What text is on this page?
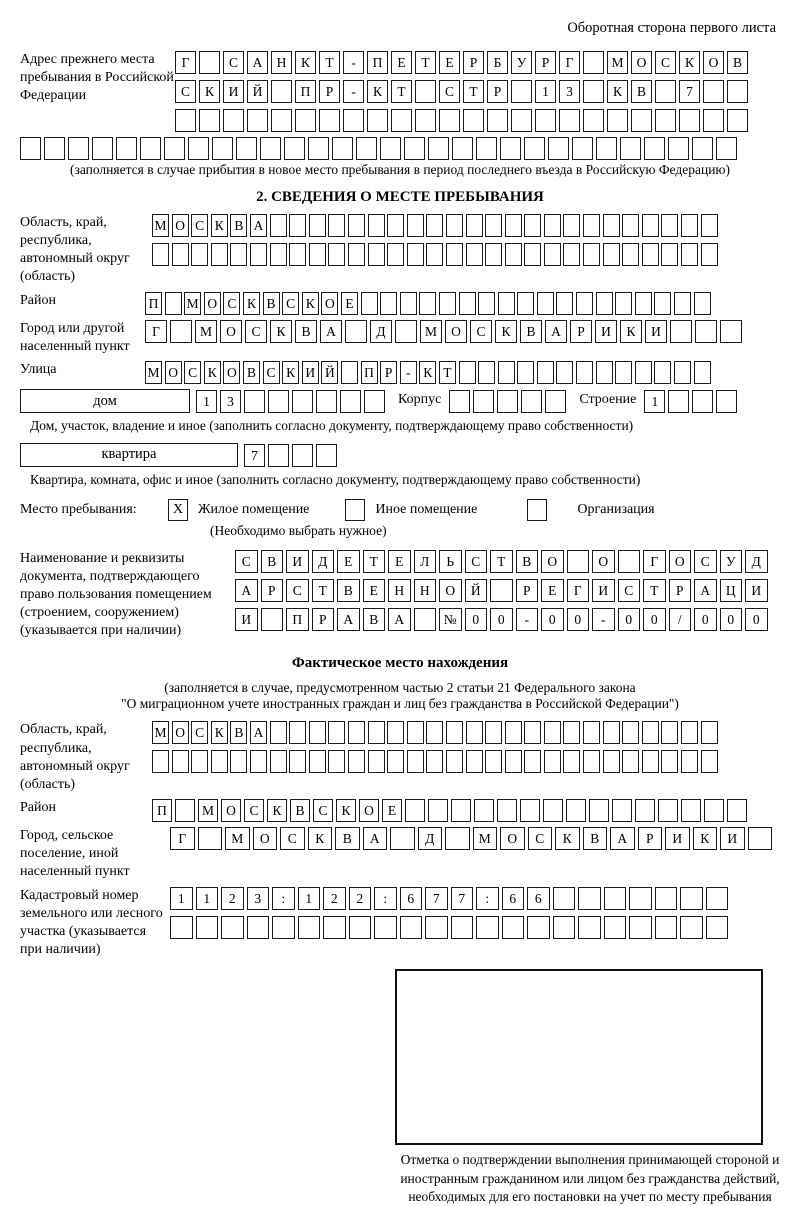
Оборотная сторона первого листа
Адрес прежнего места пребывания в Российской Федерации
Г	С	А	Н	К	Т	-	П	Е	Т	Е	Р	Б	У	Р	Г	М О	С	К	О	В
С	К	И	Й	П	Р	-	К	Т	С	Т	Р	1	3	К	В	7
(заполняется в случае прибытия в новое место пребывания в период последнего въезда в Российскую Федерацию)
2. СВЕДЕНИЯ О МЕСТЕ ПРЕБЫВАНИЯ
Область, край, республика, автономный округ (область)
М О С К В А
Район	П М О С К В С К О Е
Город или другой населенный пункт
Г	М	О	С	К	В	А	Д	М	О	С	К	В	А	Р	И	К	И
Улица	М О С К О В С К И Й П Р	- К Т
дом	1	3	Корпус	Строение	1
Дом, участок, владение и иное (заполнить согласно документу, подтверждающему право собственности)
квартира	7
Квартира, комната, офис и иное (заполнить согласно документу, подтверждающему право собственности)
Место пребывания:	X	Жилое помещение	Иное помещение	Организация
(Необходимо выбрать нужное)
Наименование и реквизиты документа, подтверждающего право пользования помещением (строением, сооружением) (указывается при наличии)
С	В	И	Д	Е	Т	Е	Л	Ь	С	Т	В	О	О	Г	О	С	У	Д
А	Р	С	Т	В	Е	Н	Н	О	Й	Р	Е	Г	И	С	Т	Р	А	Ц	И
И	П	Р	А	В	А	№	0	0	-	0	0	-	0	0	/	0	0	0
Фактическое место нахождения
(заполняется в случае, предусмотренном частью 2 статьи 21 Федерального закона
"О миграционном учете иностранных граждан и лиц без гражданства в Российской Федерации")
Область, край, республика, автономный округ (область)
М О С К В А
Район	П	М О	С	К	В	С	К	О	Е
Город, сельское поселение, иной населенный пункт
Г	М	О	С	К	В	А	Д	М	О	С	К	В	А	Р	И	К	И
Кадастровый номер земельного или лесного участка (указывается при наличии)
1	1	2	3	:	1	2	2	:	6	7	7	:	6	6
Отметка о подтверждении выполнения принимающей стороной и иностранным гражданином или лицом без гражданства действий, необходимых для его постановки на учет по месту пребывания
